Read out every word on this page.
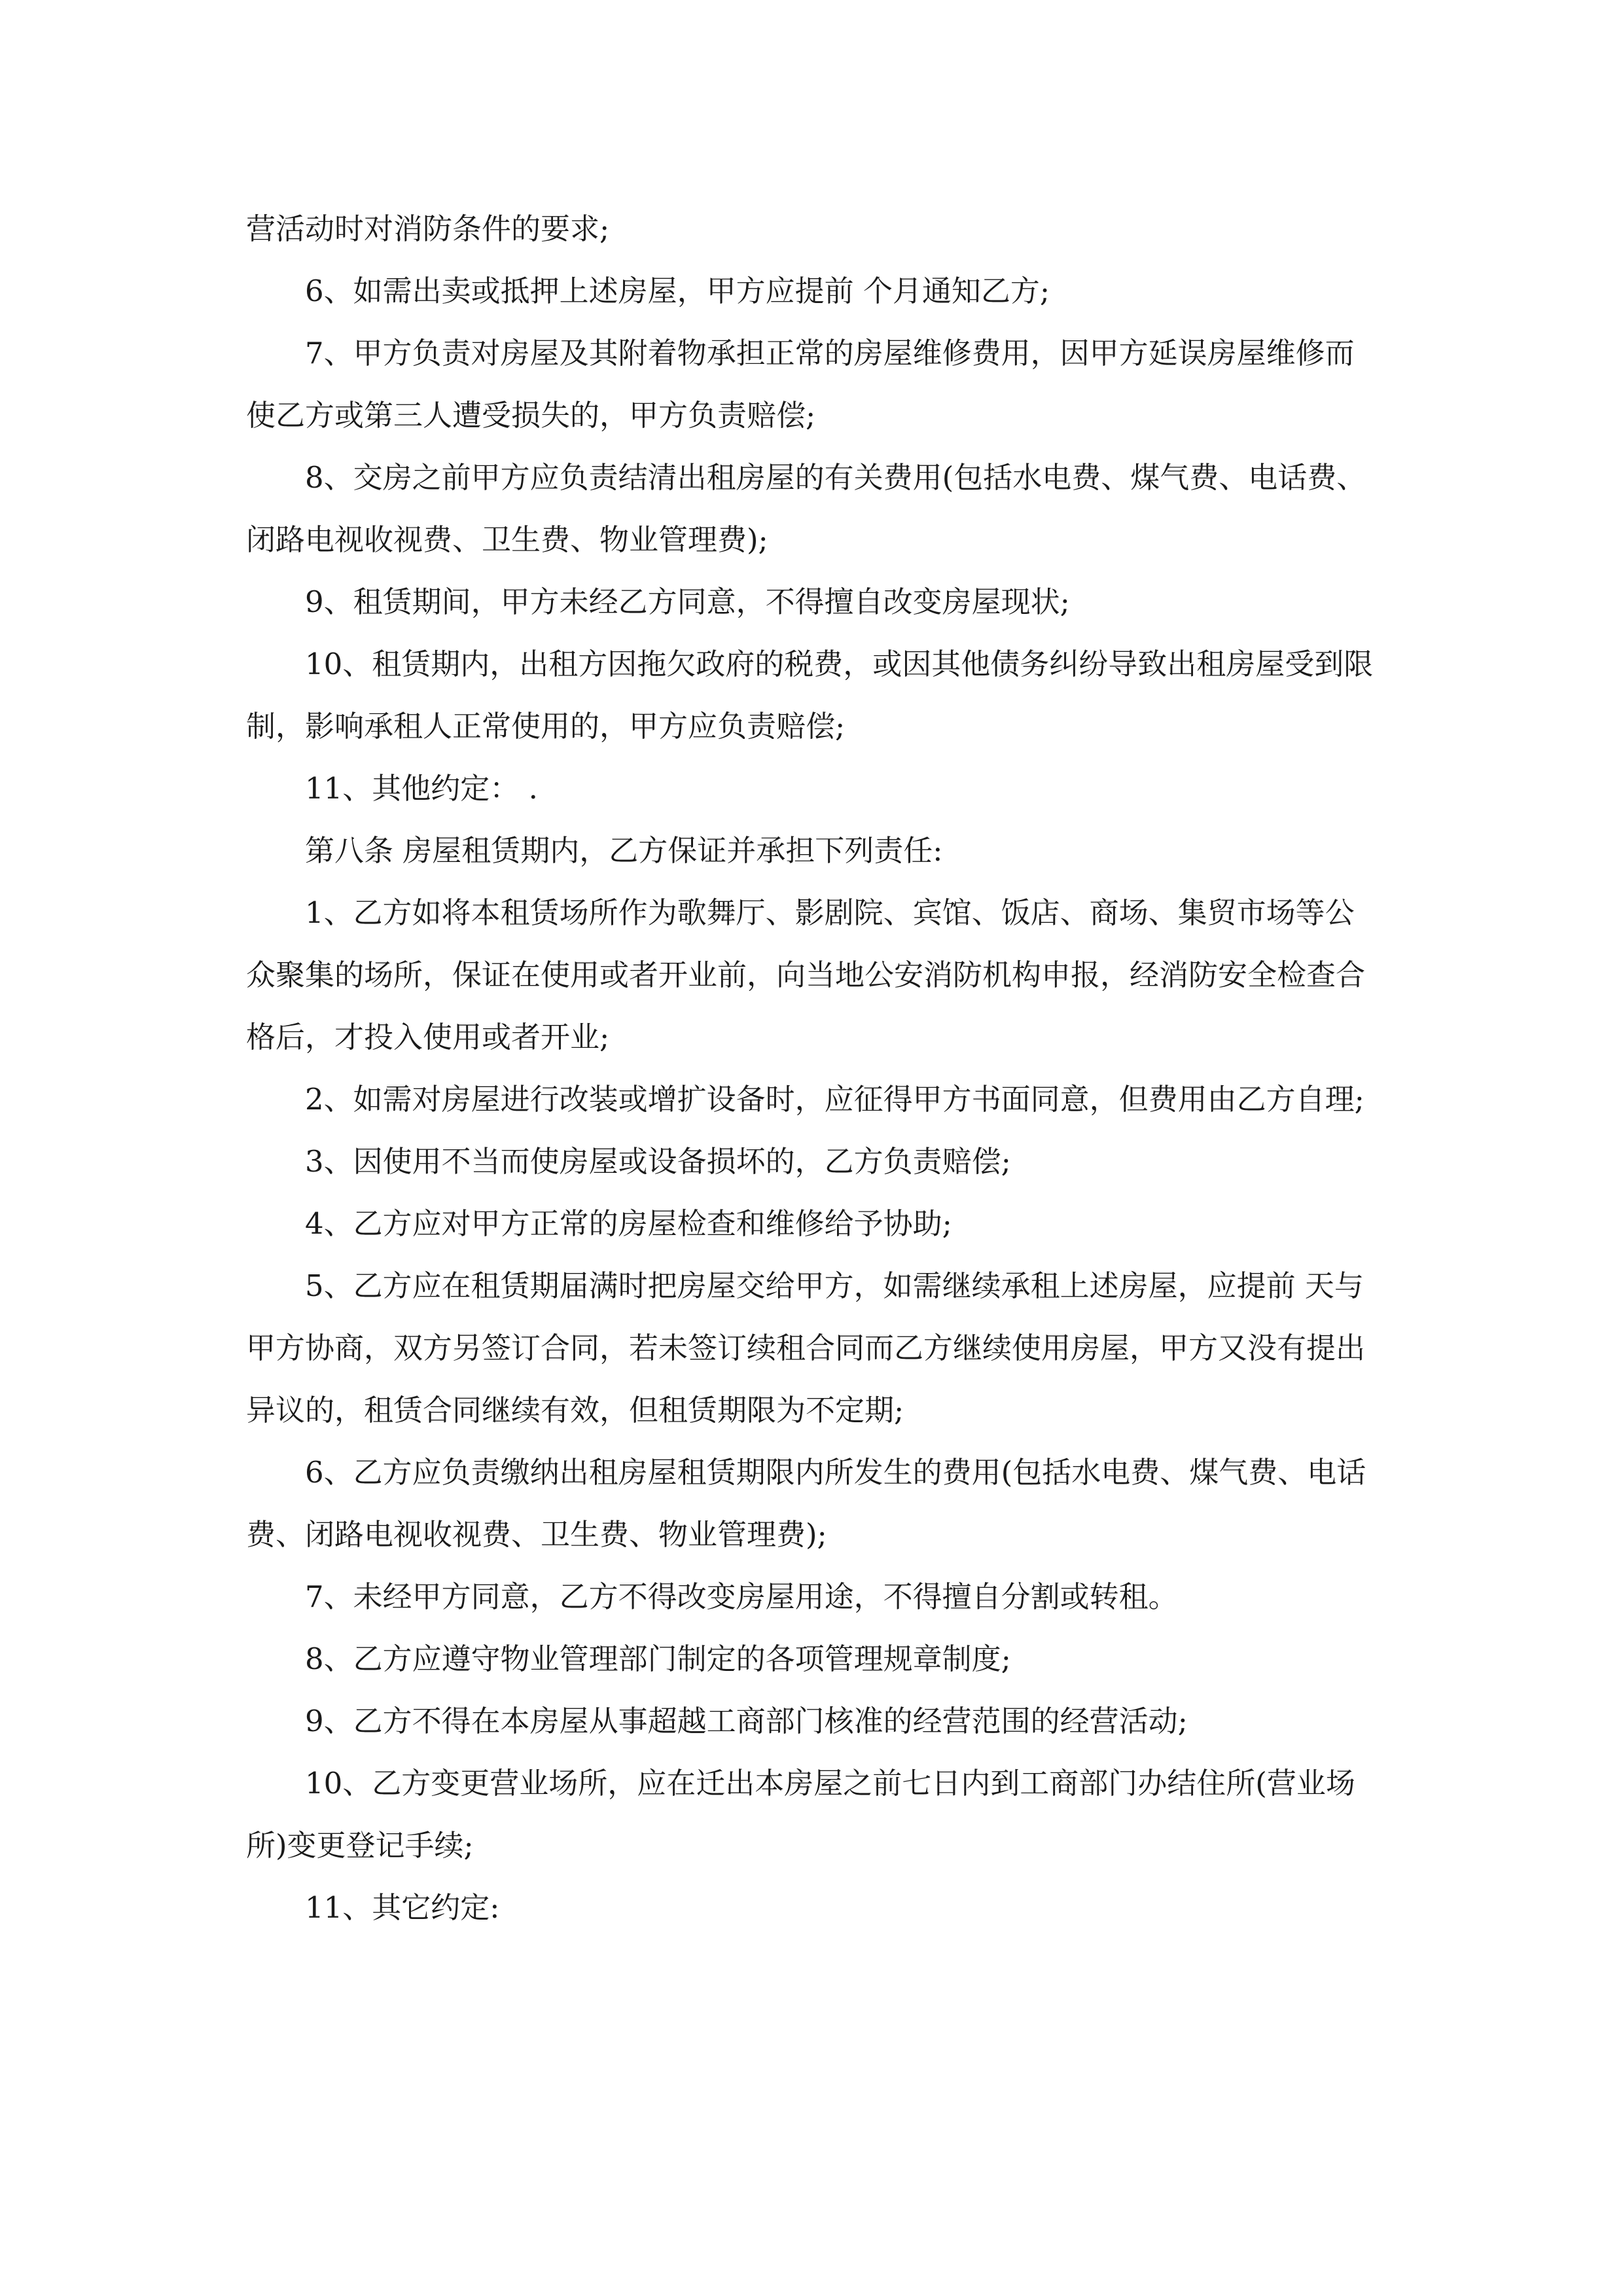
营活动时对消防条件的要求;

6、如需出卖或抵押上述房屋，甲方应提前 个月通知乙方;

7、甲方负责对房屋及其附着物承担正常的房屋维修费用，因甲方延误房屋维修而使乙方或第三人遭受损失的，甲方负责赔偿;

8、交房之前甲方应负责结清出租房屋的有关费用(包括水电费、煤气费、电话费、闭路电视收视费、卫生费、物业管理费);

9、租赁期间，甲方未经乙方同意，不得擅自改变房屋现状;

10、租赁期内，出租方因拖欠政府的税费，或因其他债务纠纷导致出租房屋受到限制，影响承租人正常使用的，甲方应负责赔偿;

11、其他约定： .

第八条 房屋租赁期内，乙方保证并承担下列责任:

1、乙方如将本租赁场所作为歌舞厅、影剧院、宾馆、饭店、商场、集贸市场等公众聚集的场所，保证在使用或者开业前，向当地公安消防机构申报，经消防安全检查合格后，才投入使用或者开业;

2、如需对房屋进行改装或增扩设备时，应征得甲方书面同意，但费用由乙方自理;

3、因使用不当而使房屋或设备损坏的，乙方负责赔偿;

4、乙方应对甲方正常的房屋检查和维修给予协助;

5、乙方应在租赁期届满时把房屋交给甲方，如需继续承租上述房屋，应提前 天与甲方协商，双方另签订合同，若未签订续租合同而乙方继续使用房屋，甲方又没有提出异议的，租赁合同继续有效，但租赁期限为不定期;

6、乙方应负责缴纳出租房屋租赁期限内所发生的费用(包括水电费、煤气费、电话费、闭路电视收视费、卫生费、物业管理费);

7、未经甲方同意，乙方不得改变房屋用途，不得擅自分割或转租。

8、乙方应遵守物业管理部门制定的各项管理规章制度;

9、乙方不得在本房屋从事超越工商部门核准的经营范围的经营活动;

10、乙方变更营业场所，应在迁出本房屋之前七日内到工商部门办结住所(营业场所)变更登记手续;

11、其它约定:
